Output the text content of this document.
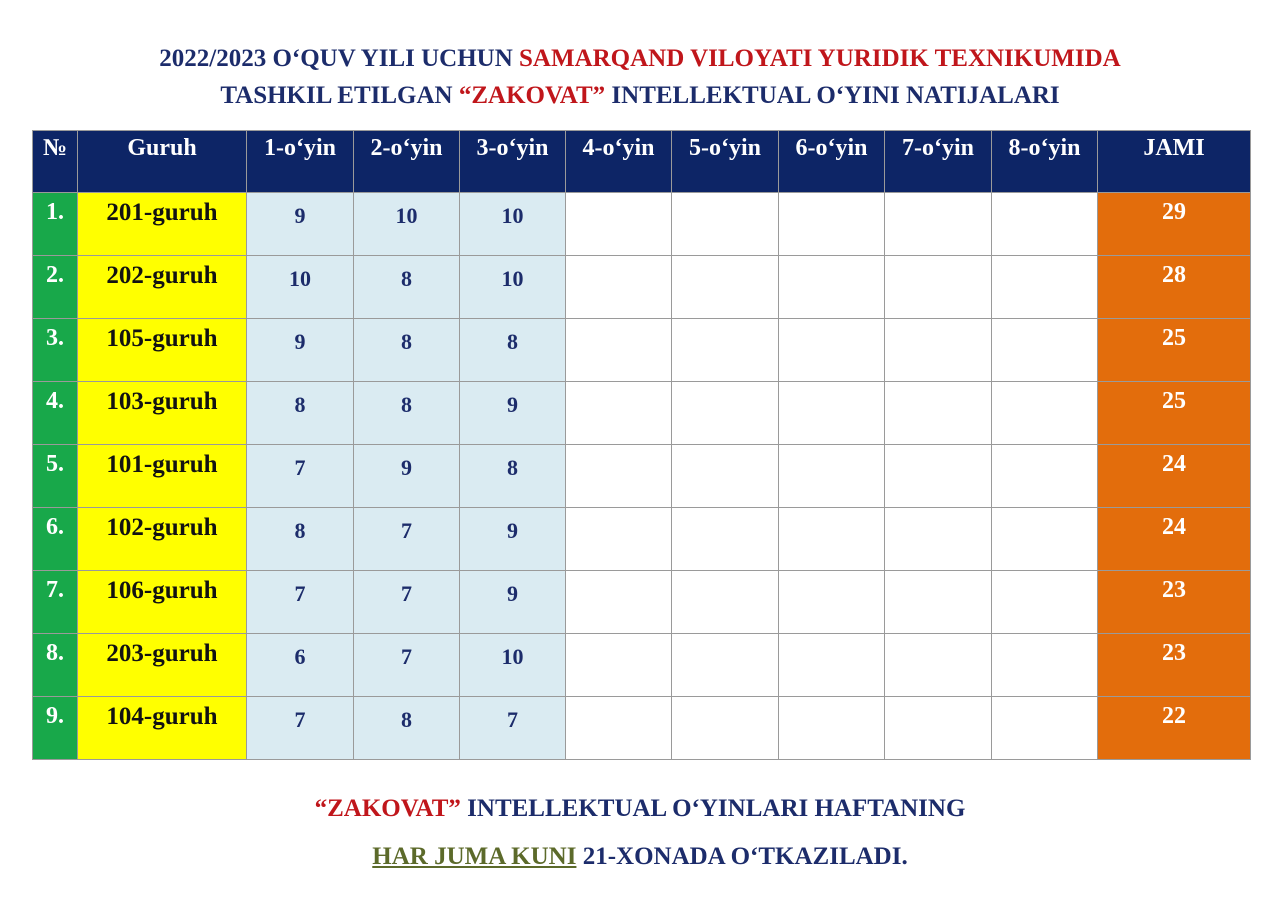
2022/2023 O‘QUV YILI UCHUN SAMARQAND VILOYATI YURIDIK TEXNIKUMIDA
TASHKIL ETILGAN “ZAKOVAT” INTELLEKTUAL O‘YINI NATIJALARI
№	Guruh	1-o‘yin	2-o‘yin	3-o‘yin	4-o‘yin	5-o‘yin	6-o‘yin	7-o‘yin	8-o‘yin	JAMI
1.	201-guruh	9	10	10						29
2.	202-guruh	10	8	10						28
3.	105-guruh	9	8	8						25
4.	103-guruh	8	8	9						25
5.	101-guruh	7	9	8						24
6.	102-guruh	8	7	9						24
7.	106-guruh	7	7	9						23
8.	203-guruh	6	7	10						23
9.	104-guruh	7	8	7						22
“ZAKOVAT” INTELLEKTUAL O‘YINLARI HAFTANING
HAR JUMA KUNI 21-XONADA O‘TKAZILADI.
